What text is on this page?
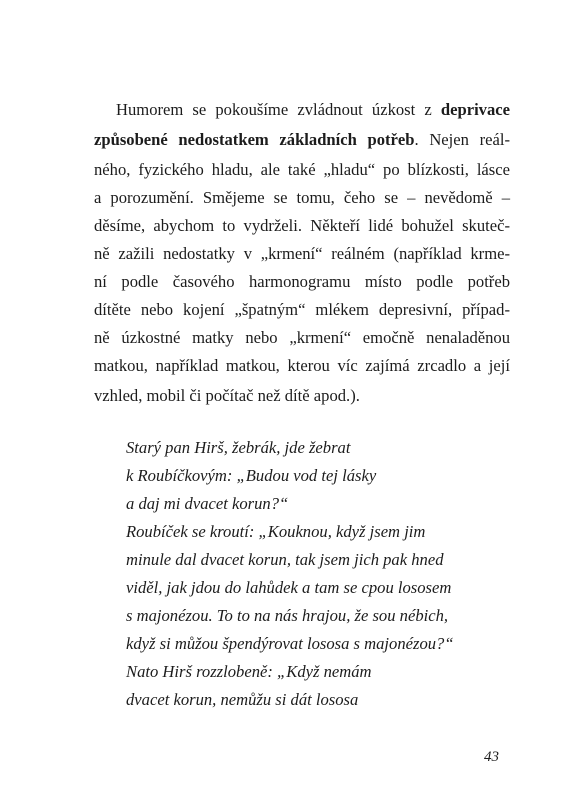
Humorem se pokoušíme zvládnout úzkost z deprivace
způsobené nedostatkem základních potřeb. Nejen reál-
ného, fyzického hladu, ale také „hladu“ po blízkosti, lásce
a porozumění. Smějeme se tomu, čeho se – nevědomě –
děsíme, abychom to vydrželi. Někteří lidé bohužel skuteč-
ně zažili nedostatky v „krmení“ reálném (například krme-
ní podle časového harmonogramu místo podle potřeb
dítěte nebo kojení „špatným“ mlékem depresivní, případ-
ně úzkostné matky nebo „krmení“ emočně nenaladěnou
matkou, například matkou, kterou víc zajímá zrcadlo a její
vzhled, mobil či počítač než dítě apod.).
Starý pan Hirš, žebrák, jde žebrat
k Roubíčkovým: „Budou vod tej lásky
a daj mi dvacet korun?“
Roubíček se kroutí: „Kouknou, když jsem jim
minule dal dvacet korun, tak jsem jich pak hned
viděl, jak jdou do lahůdek a tam se cpou lososem
s majonézou. To to na nás hrajou, že sou nébich,
když si můžou špendýrovat lososa s majonézou?“
Nato Hirš rozzlobeně: „Když nemám
dvacet korun, nemůžu si dát lososa
43
